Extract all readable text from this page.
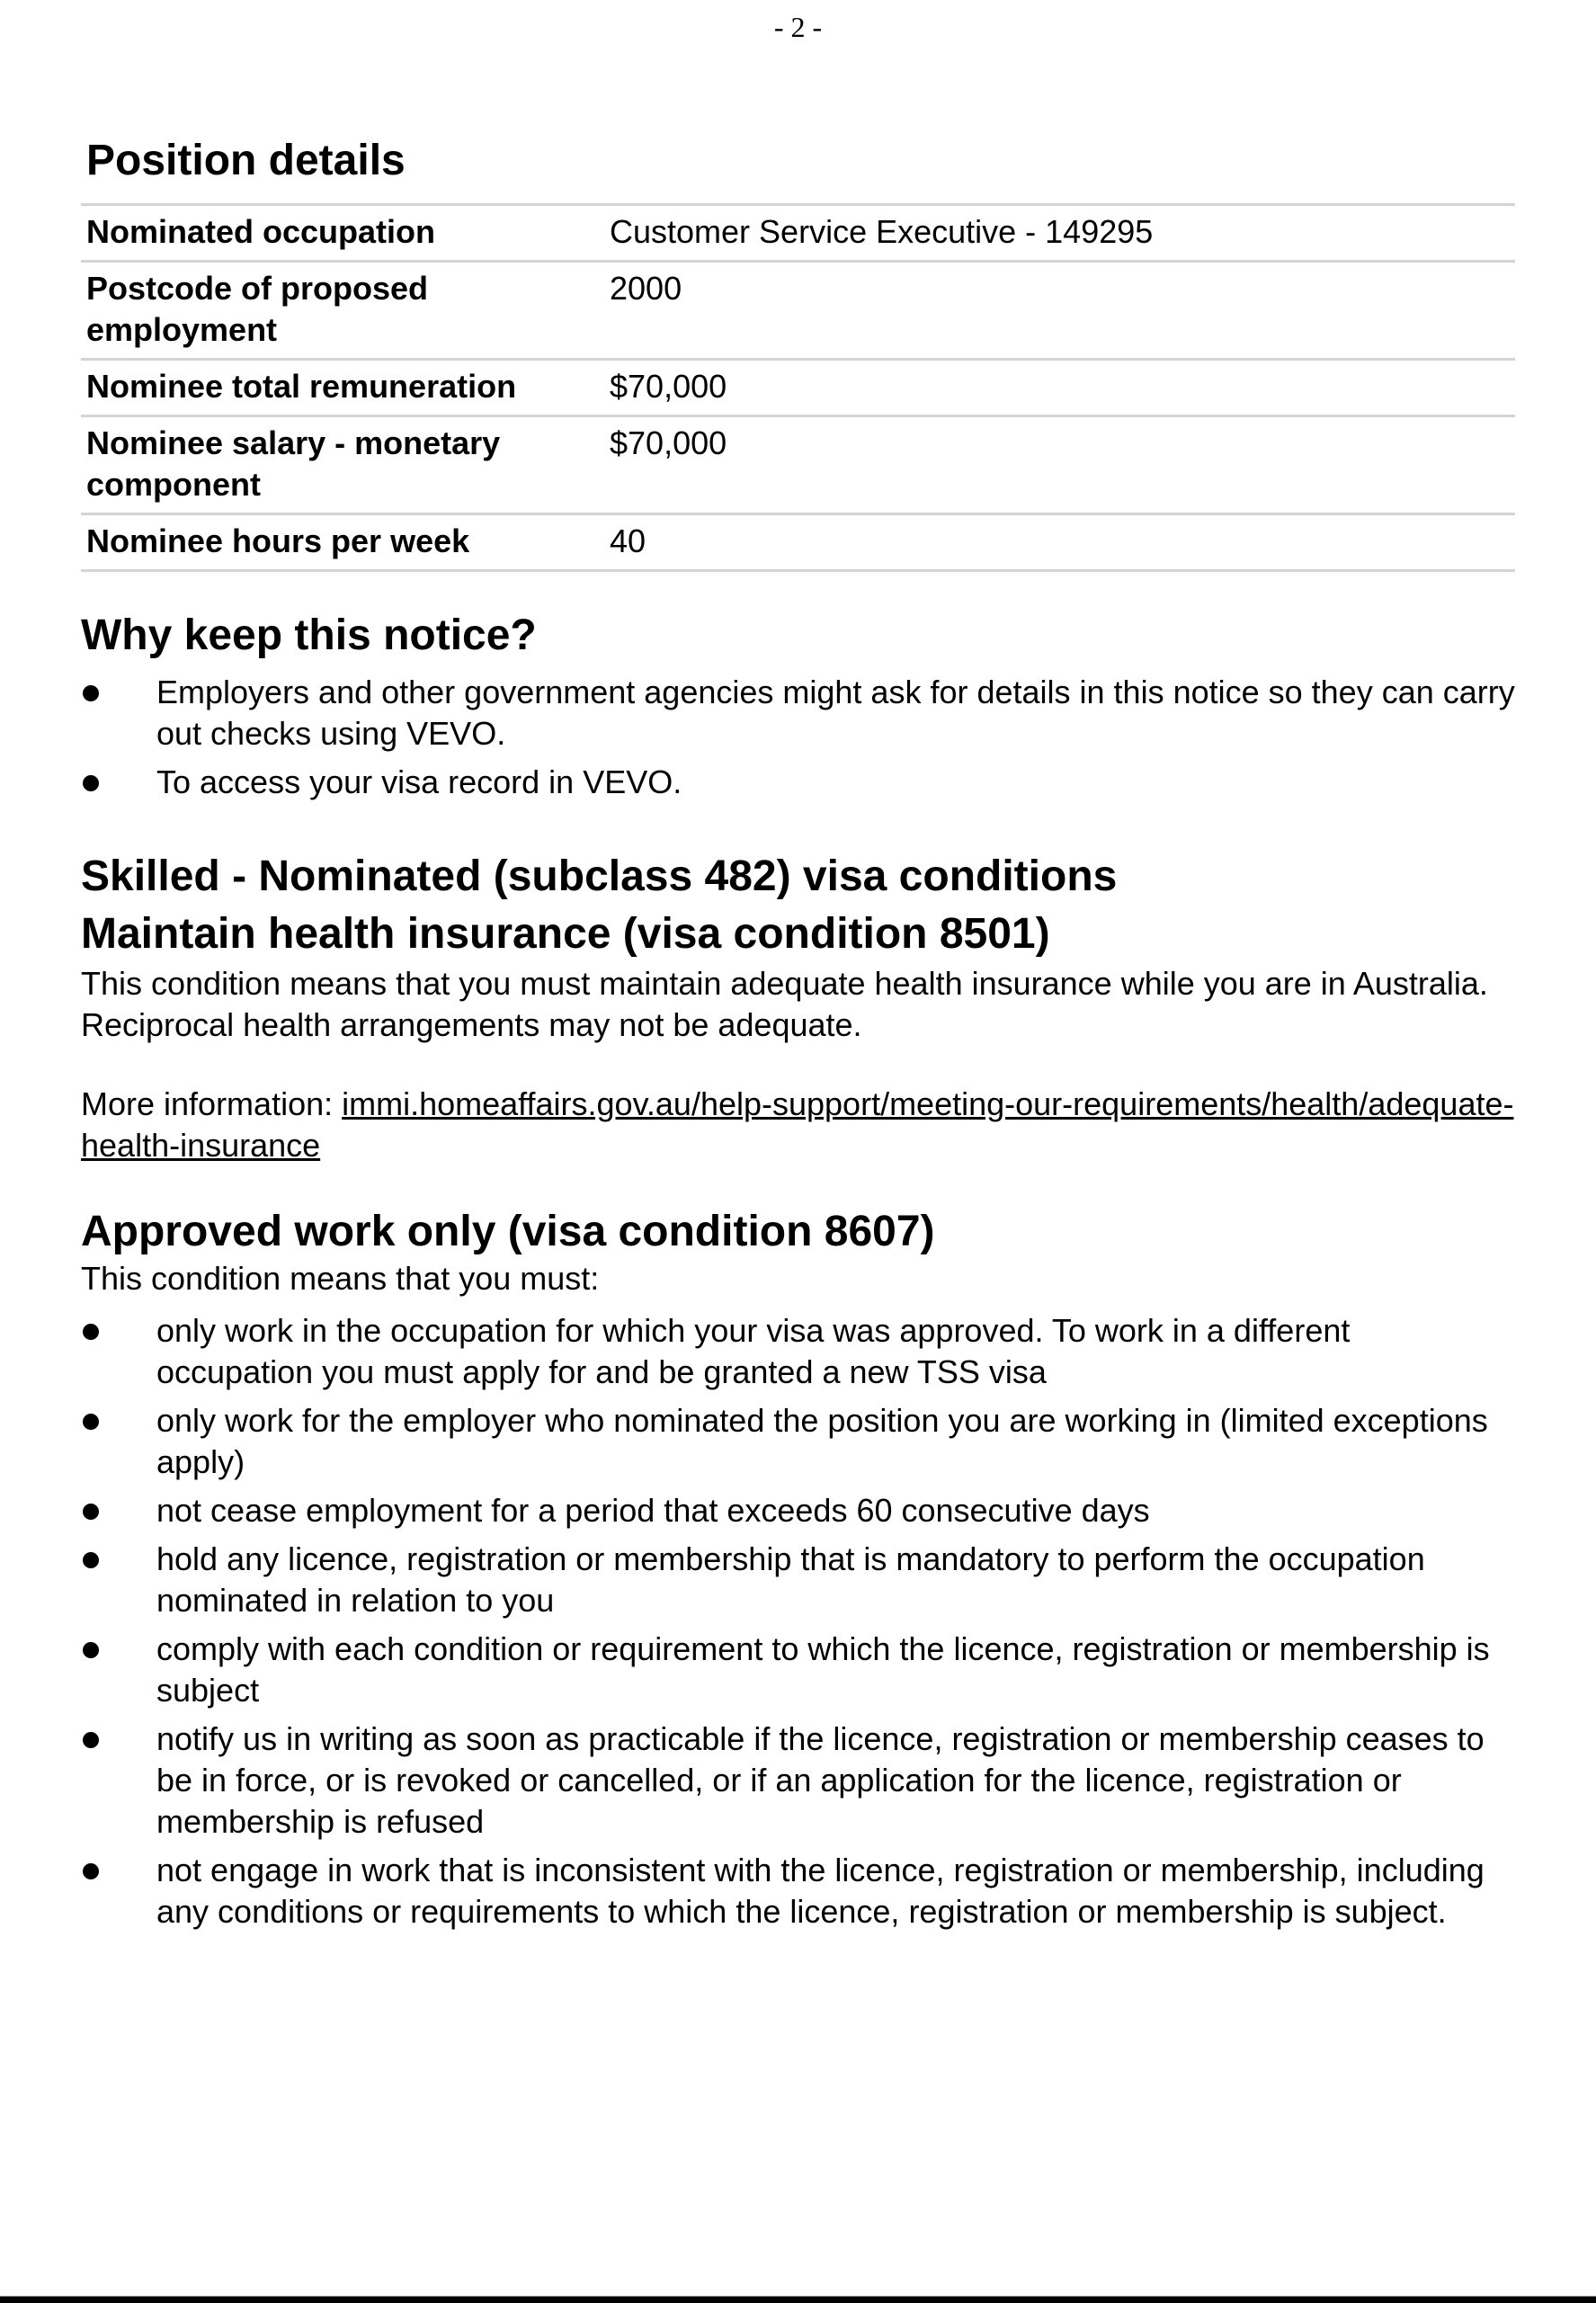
- 2 -
Position details
Nominated occupation	Customer Service Executive - 149295
Postcode of proposed employment	2000
Nominee total remuneration	$70,000
Nominee salary - monetary component	$70,000
Nominee hours per week	40
Why keep this notice?
Employers and other government agencies might ask for details in this notice so they can carry out checks using VEVO.
To access your visa record in VEVO.
Skilled - Nominated (subclass 482) visa conditions
Maintain health insurance (visa condition 8501)

This condition means that you must maintain adequate health insurance while you are in Australia. Reciprocal health arrangements may not be adequate.

More information: immi.homeaffairs.gov.au/help-support/meeting-our-requirements/health/adequate-health-insurance

Approved work only (visa condition 8607)

This condition means that you must:

only work in the occupation for which your visa was approved. To work in a different occupation you must apply for and be granted a new TSS visa
only work for the employer who nominated the position you are working in (limited exceptions apply)
not cease employment for a period that exceeds 60 consecutive days
hold any licence, registration or membership that is mandatory to perform the occupation nominated in relation to you
comply with each condition or requirement to which the licence, registration or membership is subject
notify us in writing as soon as practicable if the licence, registration or membership ceases to be in force, or is revoked or cancelled, or if an application for the licence, registration or membership is refused
not engage in work that is inconsistent with the licence, registration or membership, including any conditions or requirements to which the licence, registration or membership is subject.
